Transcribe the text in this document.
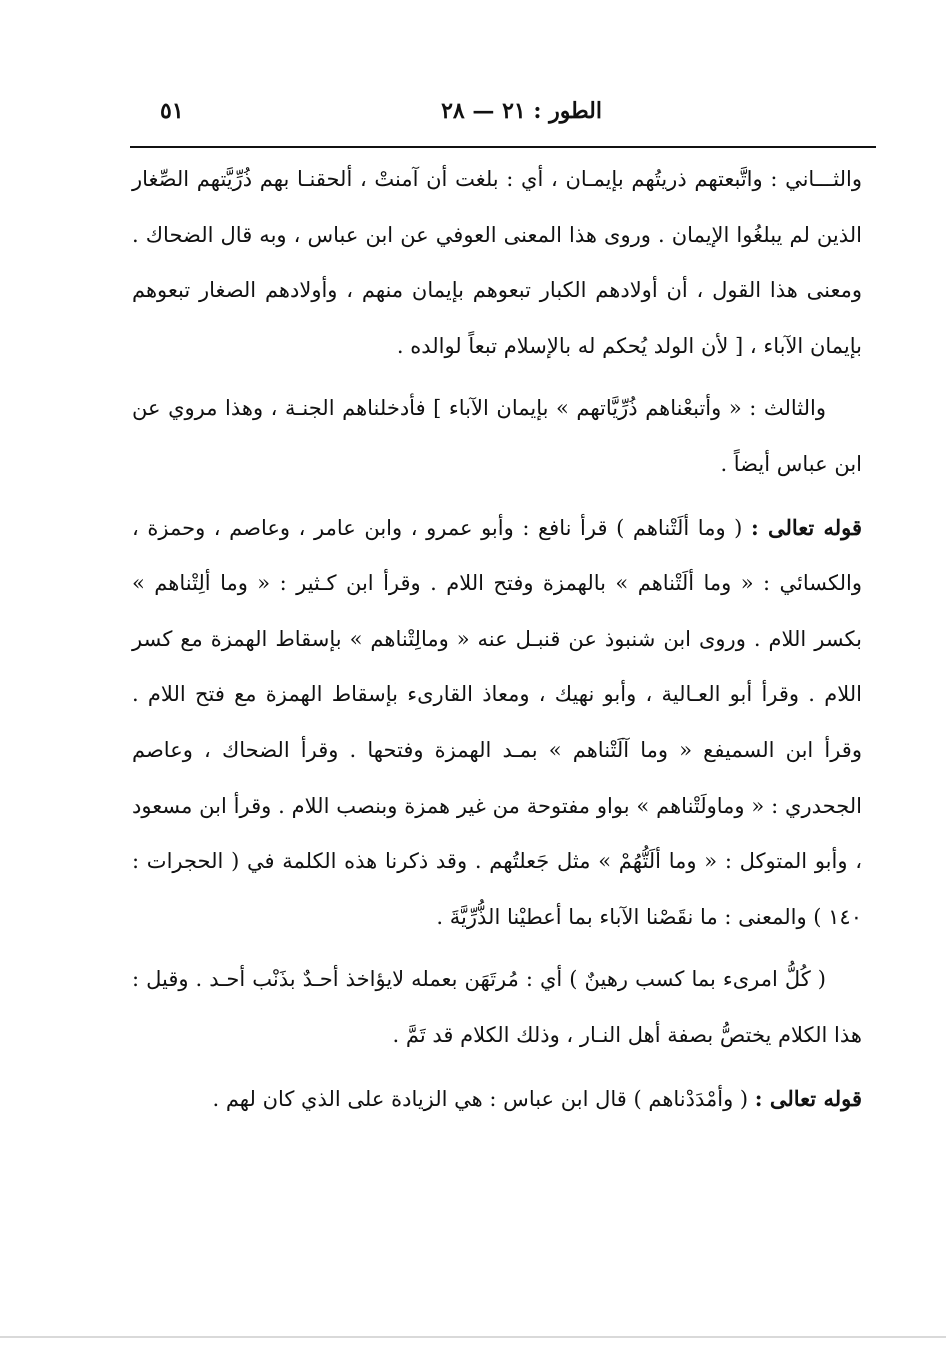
٥١	الطور : ٢١ — ٢٨

والثـــاني : واتَّبعتهم ذريتُهم بإيمـان ، أي : بلغت أن آمنتْ ، ألحقنـا بهم ذُرِّيَّتهم الصِّغار الذين لم يبلغُوا الإيمان . وروى هذا المعنى العوفي عن ابن عباس ، وبه قال الضحاك . ومعنى هذا القول ، أن أولادهم الكبار تبعوهم بإيمان منهم ، وأولادهم الصغار تبعوهم بإيمان الآباء ، [ لأن الولد يُحكم له بالإسلام تبعاً لوالده .

والثالث : « وأتبعْناهم ذُرِّيَّاتهم » بإيمان الآباء ] فأدخلناهم الجنـة ، وهذا مروي عن ابن عباس أيضاً .

قوله تعالى : ( وما ألَتْناهم ) قرأ نافع : وأبو عمرو ، وابن عامر ، وعاصم ، وحمزة ، والكسائي : « وما ألَتْناهم » بالهمزة وفتح اللام . وقرأ ابن كـثير : « وما ألِتْناهم » بكسر اللام . وروى ابن شنبوذ عن قنبـل عنه « ومالِتْناهم » بإسقاط الهمزة مع كسر اللام . وقرأ أبو العـالية ، وأبو نهيك ، ومعاذ القارىء بإسقاط الهمزة مع فتح اللام . وقرأ ابن السميفع « وما آلَتْناهم » بمـد الهمزة وفتحها . وقرأ الضحاك ، وعاصم الجحدري : « وماولَتْناهم » بواو مفتوحة من غير همزة وبنصب اللام . وقرأ ابن مسعود ، وأبو المتوكل : « وما ألَتُّهُمْ » مثل جَعلتُهم . وقد ذكرنا هذه الكلمة في ( الحجرات : ١٤٠ ) والمعنى : ما نقَصْنا الآباء بما أعطيْنا الذُّرِّيَّةَ .

( كُلُّ امرىء بما كسب رهينٌ ) أي : مُرتَهَن بعمله لايؤاخذ أحـدٌ بذَنْب أحـد . وقيل : هذا الكلام يختصُّ بصفة أهل النـار ، وذلك الكلام قد تَمَّ .

قوله تعالى : ( وأمْدَدْناهم ) قال ابن عباس : هي الزيادة على الذي كان لهم .
